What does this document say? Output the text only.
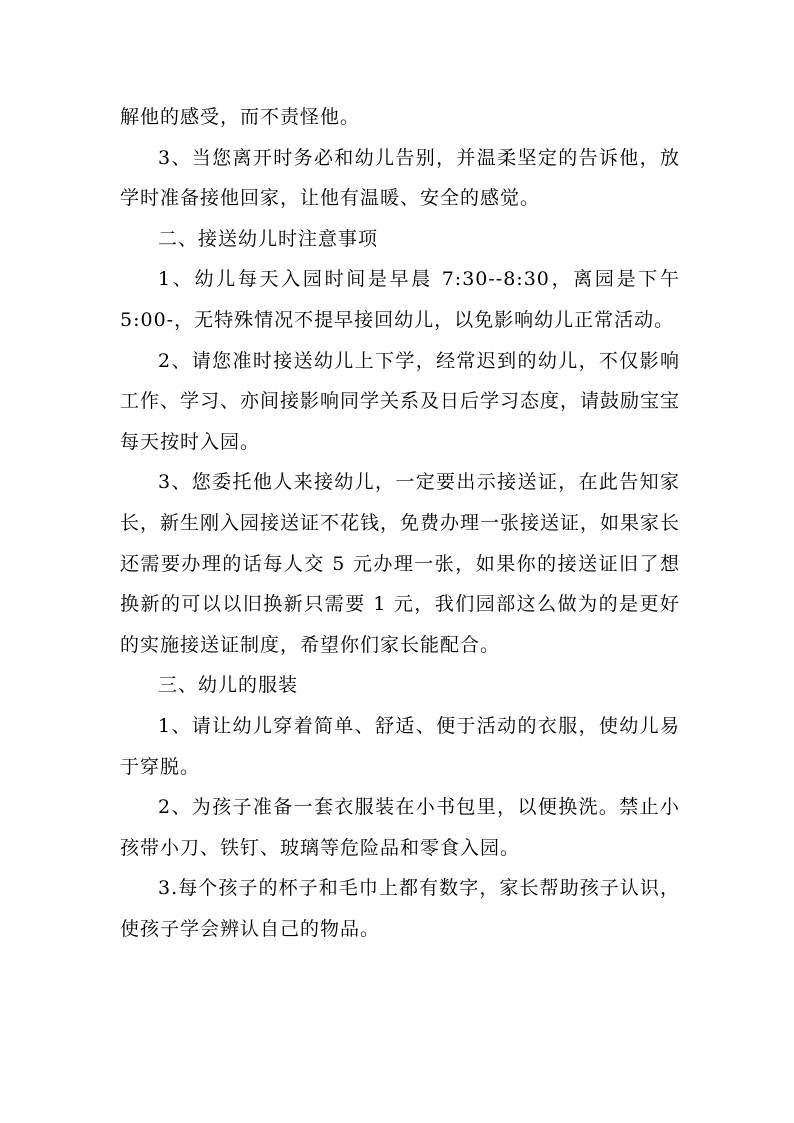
解他的感受，而不责怪他。

3、当您离开时务必和幼儿告别，并温柔坚定的告诉他，放学时准备接他回家，让他有温暖、安全的感觉。

二、接送幼儿时注意事项

1、幼儿每天入园时间是早晨 7:30--8:30，离园是下午 5:00-，无特殊情况不提早接回幼儿，以免影响幼儿正常活动。

2、请您准时接送幼儿上下学，经常迟到的幼儿，不仅影响工作、学习、亦间接影响同学关系及日后学习态度，请鼓励宝宝每天按时入园。

3、您委托他人来接幼儿，一定要出示接送证，在此告知家长，新生刚入园接送证不花钱，免费办理一张接送证，如果家长还需要办理的话每人交 5 元办理一张，如果你的接送证旧了想换新的可以以旧换新只需要 1 元，我们园部这么做为的是更好的实施接送证制度，希望你们家长能配合。

三、幼儿的服装

1、请让幼儿穿着简单、舒适、便于活动的衣服，使幼儿易于穿脱。

2、为孩子准备一套衣服装在小书包里，以便换洗。禁止小孩带小刀、铁钉、玻璃等危险品和零食入园。

3.每个孩子的杯子和毛巾上都有数字，家长帮助孩子认识，使孩子学会辨认自己的物品。
